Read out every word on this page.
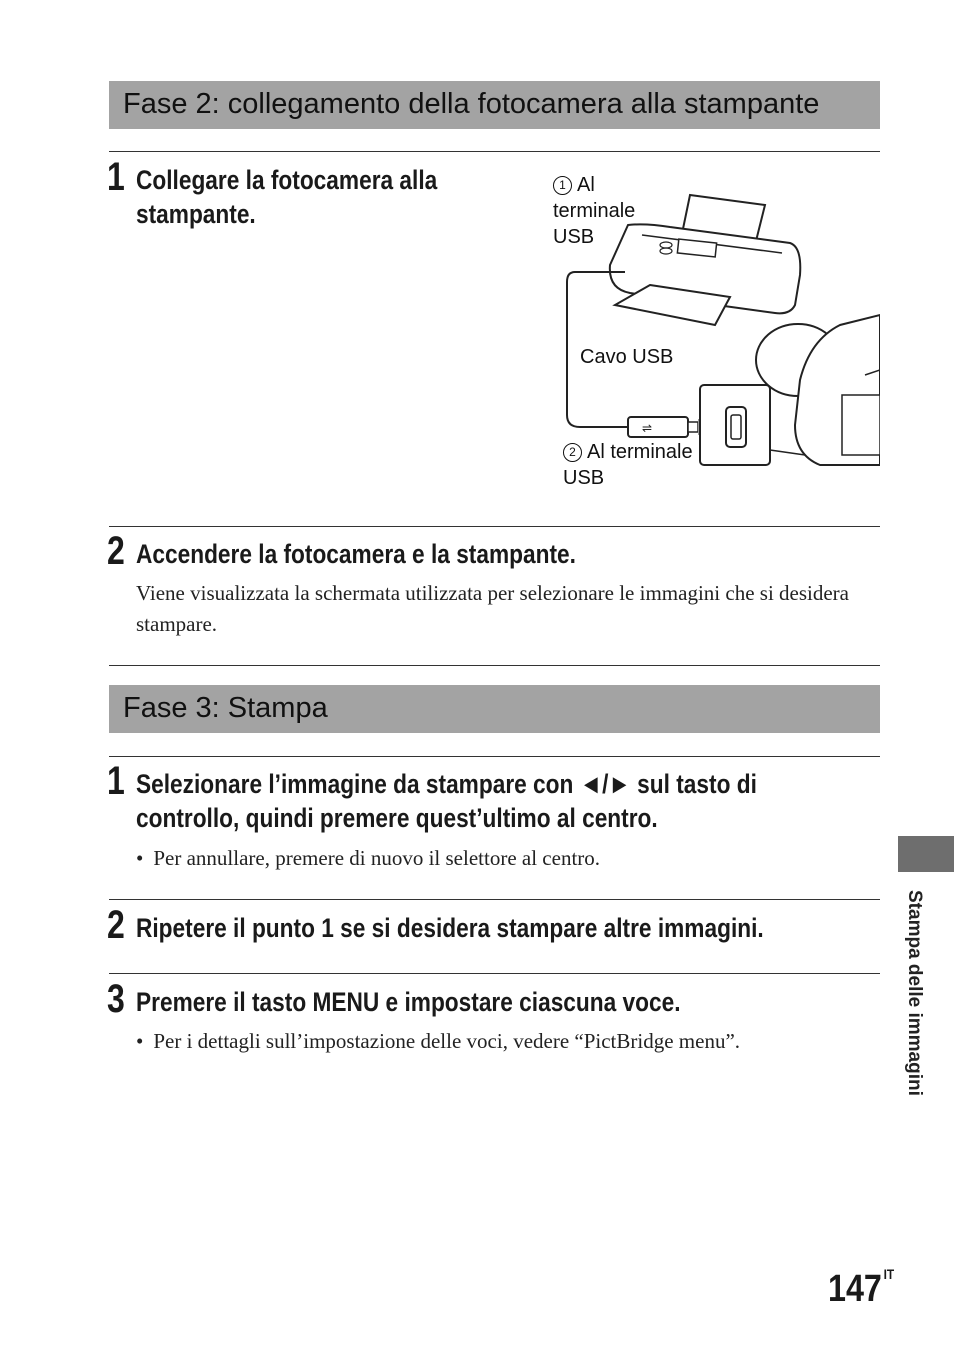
Fase 2: collegamento della fotocamera alla stampante
1 Collegare la fotocamera alla
stampante.
⇌
1 Al
terminale
USB
Cavo USB
2 Al terminale
USB
2 Accendere la fotocamera e la stampante.
Viene visualizzata la schermata utilizzata per selezionare le immagini che si desidera stampare.
Fase 3: Stampa
1 Selezionare l’immagine da stampare con ◄/► sul tasto di
controllo, quindi premere quest’ultimo al centro.
• Per annullare, premere di nuovo il selettore al centro.
2 Ripetere il punto 1 se si desidera stampare altre immagini.
3 Premere il tasto MENU e impostare ciascuna voce.
• Per i dettagli sull’impostazione delle voci, vedere “PictBridge menu”.	Stampa delle immagini
147 $^{IT}$
